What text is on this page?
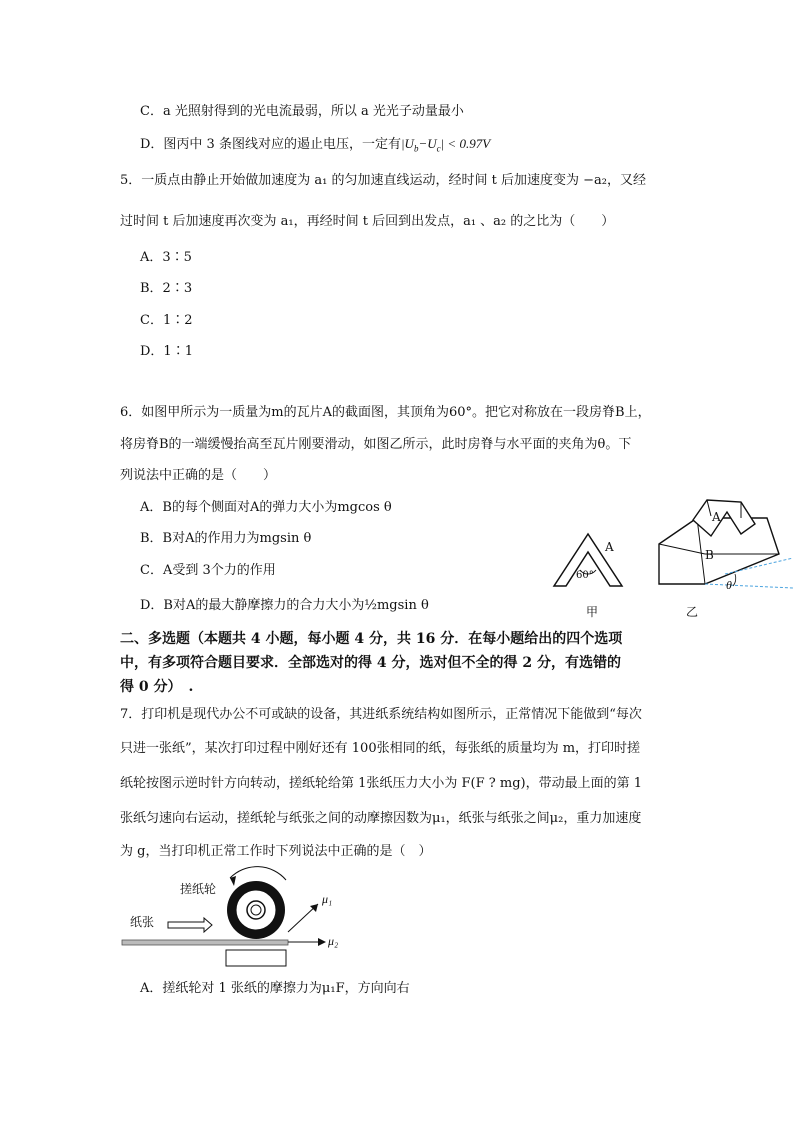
C．a 光照射得到的光电流最弱，所以 a 光光子动量最小
D．图丙中 3 条图线对应的遏止电压，一定有$|U_b-U_c| < 0.97V$
5．一质点由静止开始做加速度为 a₁ 的匀加速直线运动，经时间 t 后加速度变为 −a₂，又经
过时间 t 后加速度再次变为 a₁，再经时间 t 后回到出发点，a₁ 、a₂ 的之比为（　　）
A．3∶5
B．2∶3
C．1∶2
D．1∶1
6．如图甲所示为一质量为m的瓦片A的截面图，其顶角为60°。把它对称放在一段房脊B上，
将房脊B的一端缓慢抬高至瓦片刚要滑动，如图乙所示，此时房脊与水平面的夹角为θ。下
列说法中正确的是（　　）
A．B的每个侧面对A的弹力大小为mgcos θ
B．B对A的作用力为mgsin θ
C．A受到 3个力的作用
D．B对A的最大静摩擦力的合力大小为½mgsin θ
A
60°
甲
A
B
θ
乙
二、多选题（本题共 4 小题，每小题 4 分，共 16 分．在每小题给出的四个选项
中，有多项符合题目要求．全部选对的得 4 分，选对但不全的得 2 分，有选错的
得 0 分）　.
7．打印机是现代办公不可或缺的设备，其进纸系统结构如图所示，正常情况下能做到“每次
只进一张纸”，某次打印过程中刚好还有 100张相同的纸，每张纸的质量均为 m，打印时搓
纸轮按图示逆时针方向转动，搓纸轮给第 1张纸压力大小为 F(F ? mg)，带动最上面的第 1
张纸匀速向右运动，搓纸轮与纸张之间的动摩擦因数为μ₁，纸张与纸张之间μ₂，重力加速度
为 g，当打印机正常工作时下列说法中正确的是（　）
搓纸轮
纸张
μ₁
μ₂
A．搓纸轮对 1 张纸的摩擦力为μ₁F，方向向右
